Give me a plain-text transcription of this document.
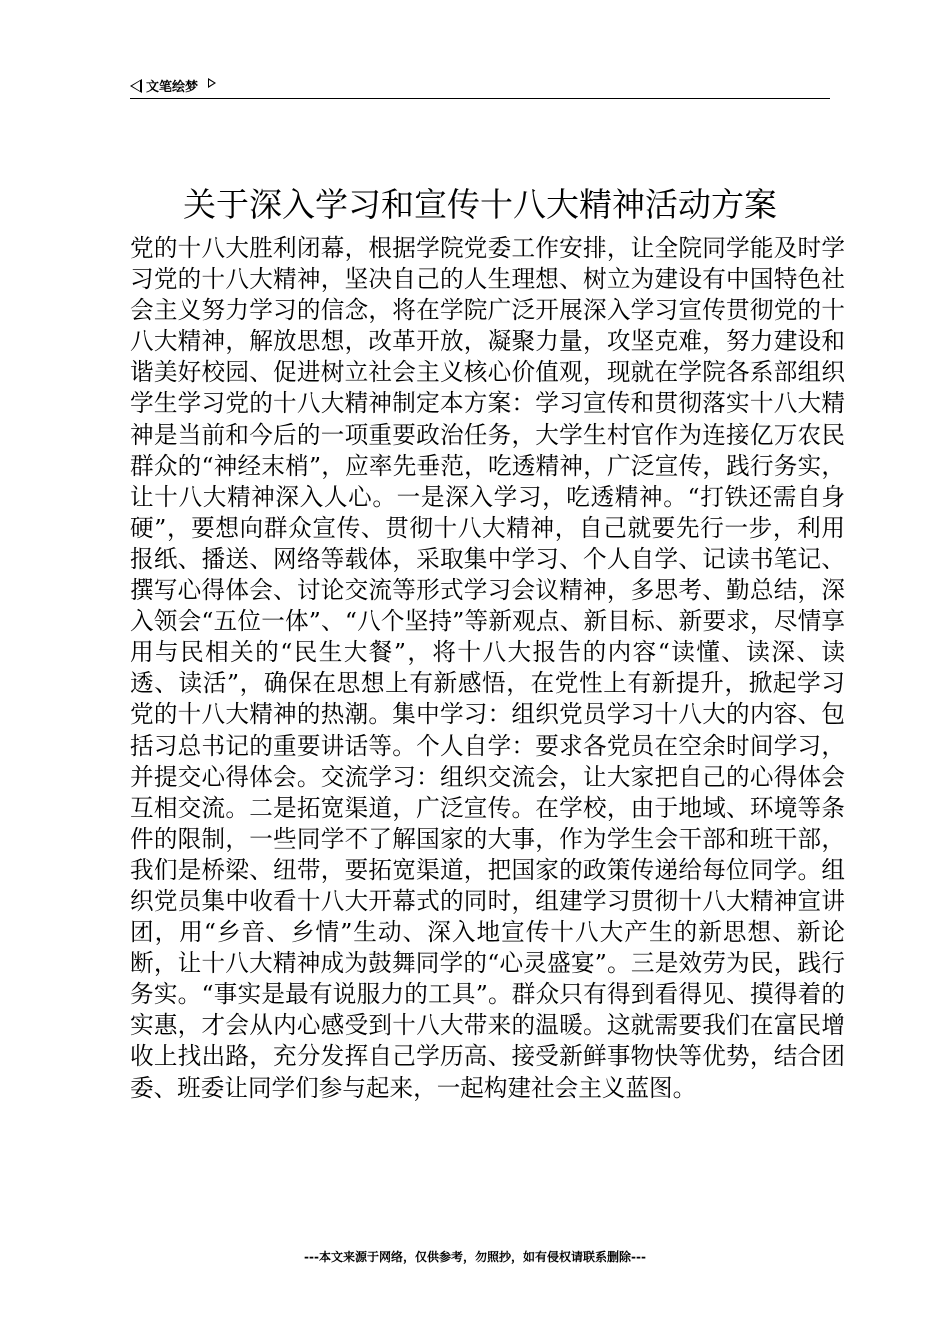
文笔绘梦
关于深入学习和宣传十八大精神活动方案

党的十八大胜利闭幕，根据学院党委工作安排，让全院同学能及时学习党的十八大精神，坚决自己的人生理想、树立为建设有中国特色社会主义努力学习的信念，将在学院广泛开展深入学习宣传贯彻党的十八大精神，解放思想，改革开放，凝聚力量，攻坚克难，努力建设和谐美好校园、促进树立社会主义核心价值观，现就在学院各系部组织学生学习党的十八大精神制定本方案：学习宣传和贯彻落实十八大精神是当前和今后的一项重要政治任务，大学生村官作为连接亿万农民群众的“神经末梢”，应率先垂范，吃透精神，广泛宣传，践行务实，让十八大精神深入人心。一是深入学习，吃透精神。“打铁还需自身硬”，要想向群众宣传、贯彻十八大精神，自己就要先行一步，利用报纸、播送、网络等载体，采取集中学习、个人自学、记读书笔记、撰写心得体会、讨论交流等形式学习会议精神，多思考、勤总结，深入领会“五位一体”、“八个坚持”等新观点、新目标、新要求，尽情享用与民相关的“民生大餐”，将十八大报告的内容“读懂、读深、读透、读活”，确保在思想上有新感悟，在党性上有新提升，掀起学习党的十八大精神的热潮。集中学习：组织党员学习十八大的内容、包括习总书记的重要讲话等。个人自学：要求各党员在空余时间学习，并提交心得体会。交流学习：组织交流会，让大家把自己的心得体会互相交流。二是拓宽渠道，广泛宣传。在学校，由于地域、环境等条件的限制，一些同学不了解国家的大事，作为学生会干部和班干部，我们是桥梁、纽带，要拓宽渠道，把国家的政策传递给每位同学。组织党员集中收看十八大开幕式的同时，组建学习贯彻十八大精神宣讲团，用“乡音、乡情”生动、深入地宣传十八大产生的新思想、新论断，让十八大精神成为鼓舞同学的“心灵盛宴”。三是效劳为民，践行务实。“事实是最有说服力的工具”。群众只有得到看得见、摸得着的实惠，才会从内心感受到十八大带来的温暖。这就需要我们在富民增收上找出路，充分发挥自己学历高、接受新鲜事物快等优势，结合团委、班委让同学们参与起来，一起构建社会主义蓝图。

---本文来源于网络，仅供参考，勿照抄，如有侵权请联系删除---
